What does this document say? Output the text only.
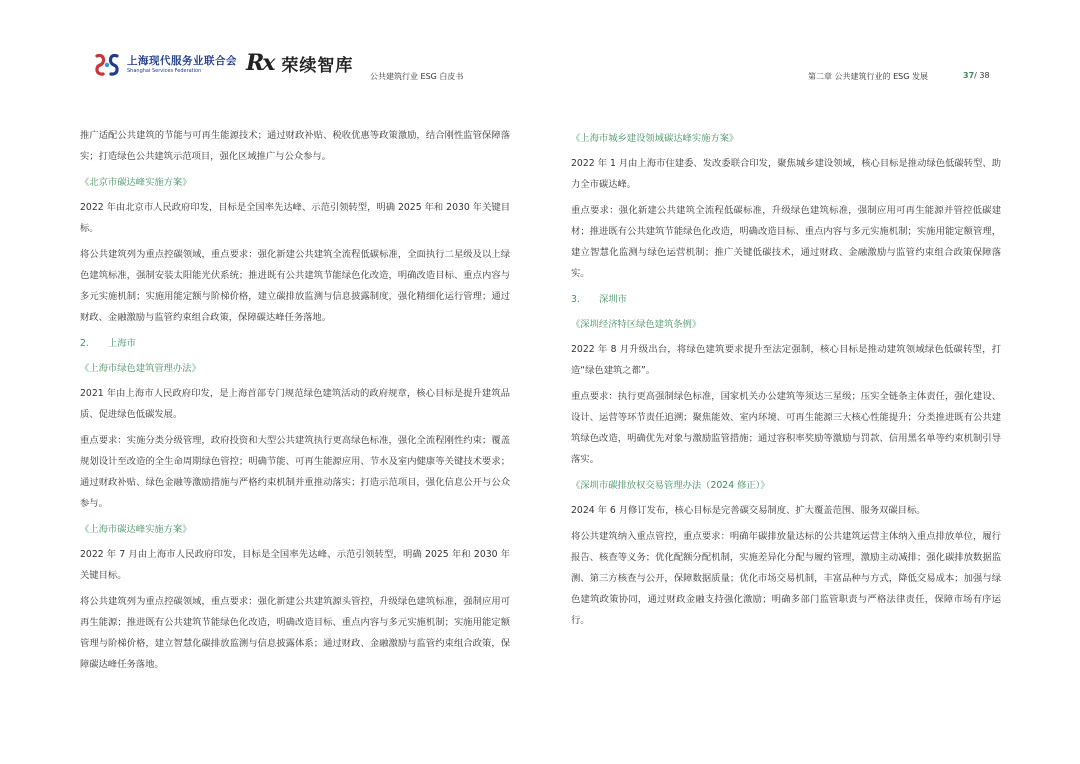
上海现代服务业联合会
Shanghai Services Federation	Rx 荣续智库
公共建筑行业 ESG 白皮书	第二章 公共建筑行业的 ESG 发展	37/ 38

推广适配公共建筑的节能与可再生能源技术；通过财政补贴、税收优惠等政策激励，结合刚性监管保障落实；打造绿色公共建筑示范项目，强化区域推广与公众参与。

《北京市碳达峰实施方案》

2022 年由北京市人民政府印发，目标是全国率先达峰、示范引领转型，明确 2025 年和 2030 年关键目标。

将公共建筑列为重点控碳领域，重点要求：强化新建公共建筑全流程低碳标准，全面执行二星级及以上绿色建筑标准，强制安装太阳能光伏系统；推进既有公共建筑节能绿色化改造，明确改造目标、重点内容与多元实施机制；实施用能定额与阶梯价格，建立碳排放监测与信息披露制度，强化精细化运行管理；通过财政、金融激励与监管约束组合政策，保障碳达峰任务落地。

2. 上海市

《上海市绿色建筑管理办法》

2021 年由上海市人民政府印发，是上海首部专门规范绿色建筑活动的政府规章，核心目标是提升建筑品质、促进绿色低碳发展。

重点要求：实施分类分级管理，政府投资和大型公共建筑执行更高绿色标准，强化全流程刚性约束；覆盖规划设计至改造的全生命周期绿色管控；明确节能、可再生能源应用、节水及室内健康等关键技术要求；通过财政补贴、绿色金融等激励措施与严格约束机制并重推动落实；打造示范项目，强化信息公开与公众参与。

《上海市碳达峰实施方案》

2022 年 7 月由上海市人民政府印发，目标是全国率先达峰、示范引领转型，明确 2025 年和 2030 年关键目标。

将公共建筑列为重点控碳领域，重点要求：强化新建公共建筑源头管控，升级绿色建筑标准，强制应用可再生能源；推进既有公共建筑节能绿色化改造，明确改造目标、重点内容与多元实施机制；实施用能定额管理与阶梯价格，建立智慧化碳排放监测与信息披露体系；通过财政、金融激励与监管约束组合政策，保障碳达峰任务落地。

《上海市城乡建设领域碳达峰实施方案》

2022 年 1 月由上海市住建委、发改委联合印发，聚焦城乡建设领域，核心目标是推动绿色低碳转型、助力全市碳达峰。

重点要求：强化新建公共建筑全流程低碳标准，升级绿色建筑标准，强制应用可再生能源并管控低碳建材；推进既有公共建筑节能绿色化改造，明确改造目标、重点内容与多元实施机制；实施用能定额管理，建立智慧化监测与绿色运营机制；推广关键低碳技术，通过财政、金融激励与监管约束组合政策保障落实。

3. 深圳市

《深圳经济特区绿色建筑条例》

2022 年 8 月升级出台，将绿色建筑要求提升至法定强制，核心目标是推动建筑领域绿色低碳转型，打造“绿色建筑之都”。

重点要求：执行更高强制绿色标准，国家机关办公建筑等须达三星级；压实全链条主体责任，强化建设、设计、运营等环节责任追溯；聚焦能效、室内环境、可再生能源三大核心性能提升；分类推进既有公共建筑绿色改造，明确优先对象与激励监管措施；通过容积率奖励等激励与罚款、信用黑名单等约束机制引导落实。

《深圳市碳排放权交易管理办法（2024 修正）》

2024 年 6 月修订发布，核心目标是完善碳交易制度、扩大覆盖范围、服务双碳目标。

将公共建筑纳入重点管控，重点要求：明确年碳排放量达标的公共建筑运营主体纳入重点排放单位，履行报告、核查等义务；优化配额分配机制，实施差异化分配与履约管理，激励主动减排；强化碳排放数据监测、第三方核查与公开，保障数据质量；优化市场交易机制，丰富品种与方式，降低交易成本；加强与绿色建筑政策协同，通过财政金融支持强化激励；明确多部门监管职责与严格法律责任，保障市场有序运行。
